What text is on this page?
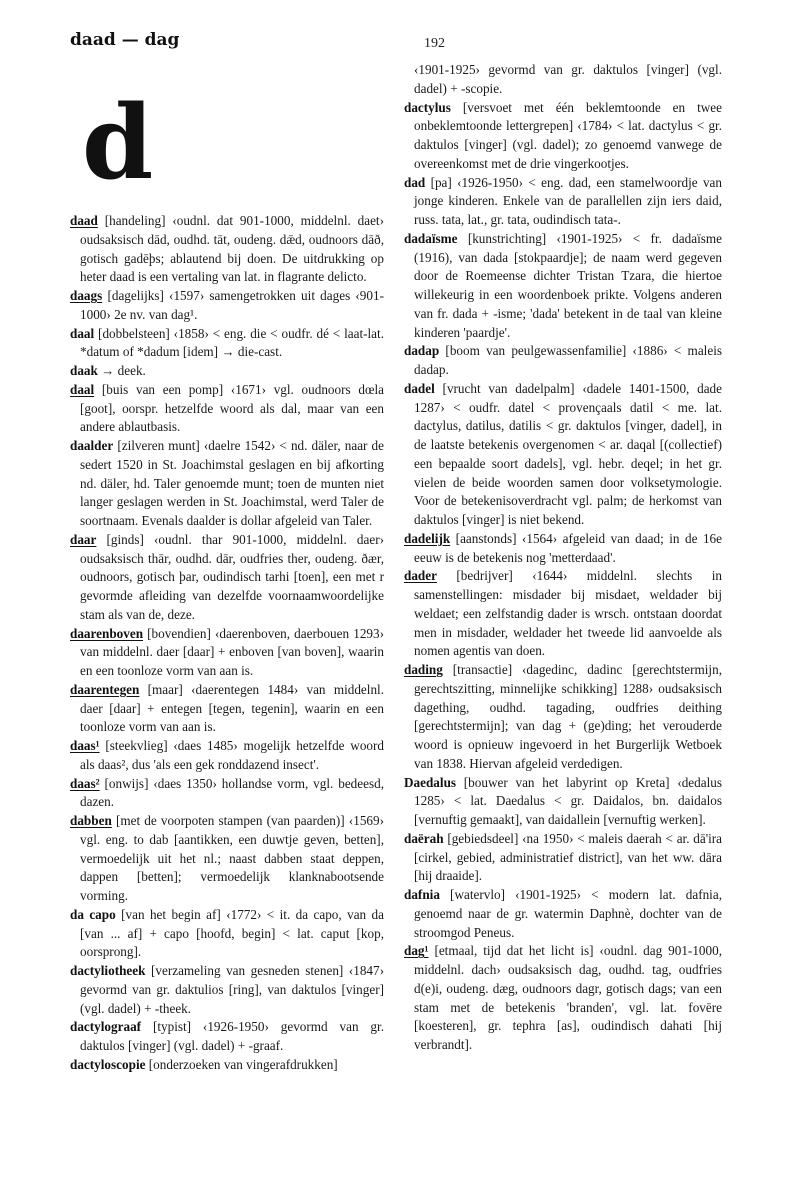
daad — dag	192
d

daad [handeling] ‹oudnl. dat 901-1000, middelnl. daet› oudsaksisch dād, oudhd. tāt, oudeng. dǣd, oudnoors dāð, gotisch gadēþs; ablautend bij doen. De uitdrukking op heter daad is een vertaling van lat. in flagrante delicto.

daags [dagelijks] ‹1597› samengetrokken uit dages ‹901-1000› 2e nv. van dag¹.

daal [dobbelsteen] ‹1858› < eng. die < oudfr. dé < laat-lat. *datum of *dadum [idem] → die-cast.

daak → deek.

daal [buis van een pomp] ‹1671› vgl. oudnoors dœla [goot], oorspr. hetzelfde woord als dal, maar van een andere ablautbasis.

daalder [zilveren munt] ‹daelre 1542› < nd. däler, naar de sedert 1520 in St. Joachimstal geslagen en bij afkorting nd. däler, hd. Taler genoemde munt; toen de munten niet langer geslagen werden in St. Joachimstal, werd Taler de soortnaam. Evenals daalder is dollar afgeleid van Taler.

daar [ginds] ‹oudnl. thar 901-1000, middelnl. daer› oudsaksisch thār, oudhd. dār, oudfries ther, oudeng. ðær, oudnoors, gotisch þar, oudindisch tarhi [toen], een met r gevormde afleiding van dezelfde voornaamwoordelijke stam als van de, deze.

daarenboven [bovendien] ‹daerenboven, daerbouen 1293› van middelnl. daer [daar] + enboven [van boven], waarin en een toonloze vorm van aan is.

daarentegen [maar] ‹daerentegen 1484› van middelnl. daer [daar] + entegen [tegen, tegenin], waarin en een toonloze vorm van aan is.

daas¹ [steekvlieg] ‹daes 1485› mogelijk hetzelfde woord als daas², dus 'als een gek ronddazend insect'.

daas² [onwijs] ‹daes 1350› hollandse vorm, vgl. bedeesd, dazen.

dabben [met de voorpoten stampen (van paarden)] ‹1569› vgl. eng. to dab [aantikken, een duwtje geven, betten], vermoedelijk uit het nl.; naast dabben staat deppen, dappen [betten]; vermoedelijk klanknabootsende vorming.

da capo [van het begin af] ‹1772› < it. da capo, van da [van ... af] + capo [hoofd, begin] < lat. caput [kop, oorsprong].

dactyliotheek [verzameling van gesneden stenen] ‹1847› gevormd van gr. daktulios [ring], van daktulos [vinger] (vgl. dadel) + -theek.

dactylograaf [typist] ‹1926-1950› gevormd van gr. daktulos [vinger] (vgl. dadel) + -graaf.

dactyloscopie [onderzoeken van vingerafdrukken]

‹1901-1925› gevormd van gr. daktulos [vinger] (vgl. dadel) + -scopie.

dactylus [versvoet met één beklemtoonde en twee onbeklemtoonde lettergrepen] ‹1784› < lat. dactylus < gr. daktulos [vinger] (vgl. dadel); zo genoemd vanwege de overeenkomst met de drie vingerkootjes.

dad [pa] ‹1926-1950› < eng. dad, een stamelwoordje van jonge kinderen. Enkele van de parallellen zijn iers daid, russ. tata, lat., gr. tata, oudindisch tata-.

dadaïsme [kunstrichting] ‹1901-1925› < fr. dadaïsme (1916), van dada [stokpaardje]; de naam werd gegeven door de Roemeense dichter Tristan Tzara, die hiertoe willekeurig in een woordenboek prikte. Volgens anderen van fr. dada + -isme; 'dada' betekent in de taal van kleine kinderen 'paardje'.

dadap [boom van peulgewassenfamilie] ‹1886› < maleis dadap.

dadel [vrucht van dadelpalm] ‹dadele 1401-1500, dade 1287› < oudfr. datel < provençaals datil < me. lat. dactylus, datilus, datilis < gr. daktulos [vinger, dadel], in de laatste betekenis overgenomen < ar. daqal [(collectief) een bepaalde soort dadels], vgl. hebr. deqel; in het gr. vielen de beide woorden samen door volksetymologie. Voor de betekenisoverdracht vgl. palm; de herkomst van daktulos [vinger] is niet bekend.

dadelijk [aanstonds] ‹1564› afgeleid van daad; in de 16e eeuw is de betekenis nog 'metterdaad'.

dader [bedrijver] ‹1644› middelnl. slechts in samenstellingen: misdader bij misdaet, weldader bij weldaet; een zelfstandig dader is wrsch. ontstaan doordat men in misdader, weldader het tweede lid aanvoelde als nomen agentis van doen.

dading [transactie] ‹dagedinc, dadinc [gerechtstermijn, gerechtszitting, minnelijke schikking] 1288› oudsaksisch dagething, oudhd. tagading, oudfries deithing [gerechtstermijn]; van dag + (ge)ding; het verouderde woord is opnieuw ingevoerd in het Burgerlijk Wetboek van 1838. Hiervan afgeleid verdedigen.

Daedalus [bouwer van het labyrint op Kreta] ‹dedalus 1285› < lat. Daedalus < gr. Daidalos, bn. daidalos [vernuftig gemaakt], van daidallein [vernuftig werken].

daërah [gebiedsdeel] ‹na 1950› < maleis daerah < ar. dā'ira [cirkel, gebied, administratief district], van het ww. dāra [hij draaide].

dafnia [watervlo] ‹1901-1925› < modern lat. dafnia, genoemd naar de gr. watermin Daphnè, dochter van de stroomgod Peneus.

dag¹ [etmaal, tijd dat het licht is] ‹oudnl. dag 901-1000, middelnl. dach› oudsaksisch dag, oudhd. tag, oudfries d(e)i, oudeng. dæg, oudnoors dagr, gotisch dags; van een stam met de betekenis 'branden', vgl. lat. fovēre [koesteren], gr. tephra [as], oudindisch dahati [hij verbrandt].
